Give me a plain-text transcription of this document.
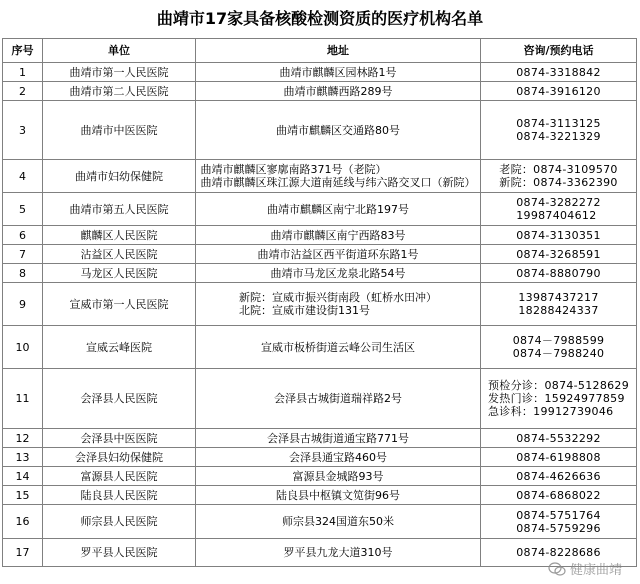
曲靖市17家具备核酸检测资质的医疗机构名单
序号	单位	地址	咨询/预约电话
1	曲靖市第一人民医院	曲靖市麒麟区园林路1号	0874-3318842

2	曲靖市第二人民医院	曲靖市麒麟西路289号	0874-3916120

3	曲靖市中医医院	曲靖市麒麟区交通路80号	0874-3113125
0874-3221329

4	曲靖市妇幼保健院	曲靖市麒麟区寥廓南路371号（老院）
曲靖市麒麟区珠江源大道南延线与纬六路交叉口（新院）	老院：0874-3109570
新院：0874-3362390

5	曲靖市第五人民医院	曲靖市麒麟区南宁北路197号	0874-3282272
19987404612

6	麒麟区人民医院	曲靖市麒麟区南宁西路83号	0874-3130351

7	沾益区人民医院	曲靖市沾益区西平街道环东路1号	0874-3268591

8	马龙区人民医院	曲靖市马龙区龙泉北路54号	0874-8880790

9	宣威市第一人民医院	新院：宣威市振兴街南段（虹桥水田冲）
北院：宣威市建设街131号	13987437217
18288424337

10	宣威云峰医院	宣威市板桥街道云峰公司生活区	0874－7988599
0874－7988240

11	会泽县人民医院	会泽县古城街道瑞祥路2号	预检分诊：0874-5128629
发热门诊：15924977859
急诊科：19912739046

12	会泽县中医医院	会泽县古城街道通宝路771号	0874-5532292

13	会泽县妇幼保健院	会泽县通宝路460号	0874-6198808

14	富源县人民医院	富源县金城路93号	0874-4626636

15	陆良县人民医院	陆良县中枢镇文笕街96号	0874-6868022

16	师宗县人民医院	师宗县324国道东50米	0874-5751764
0874-5759296

17	罗平县人民医院	罗平县九龙大道310号	0874-8228686
健康曲靖
